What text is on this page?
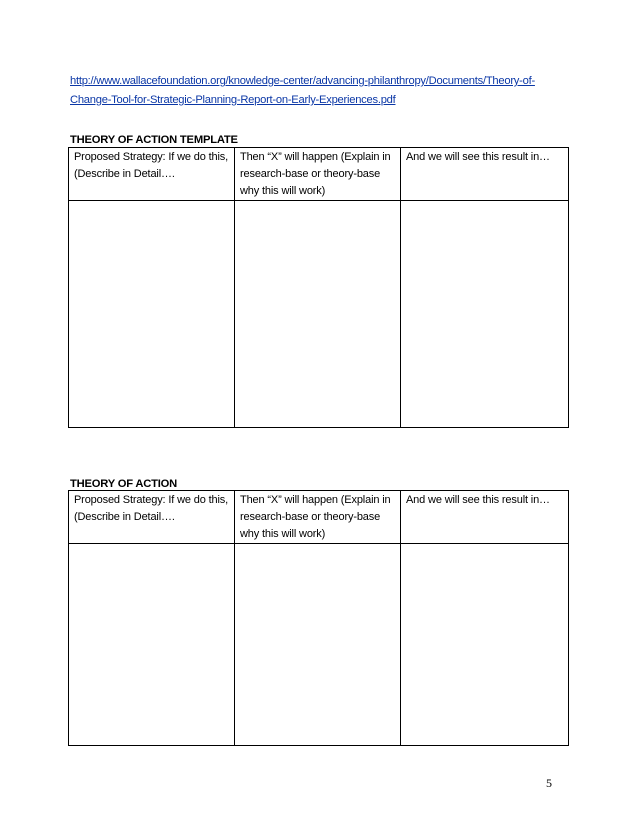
http://www.wallacefoundation.org/knowledge-center/advancing-philanthropy/Documents/Theory-of-
Change-Tool-for-Strategic-Planning-Report-on-Early-Experiences.pdf
THEORY OF ACTION TEMPLATE
Proposed Strategy: If we do this, (Describe in Detail….	Then “X” will happen (Explain in research-base or theory-base why this will work)	And we will see this result in…

THEORY OF ACTION
Proposed Strategy: If we do this, (Describe in Detail….	Then “X” will happen (Explain in research-base or theory-base why this will work)	And we will see this result in…

5
